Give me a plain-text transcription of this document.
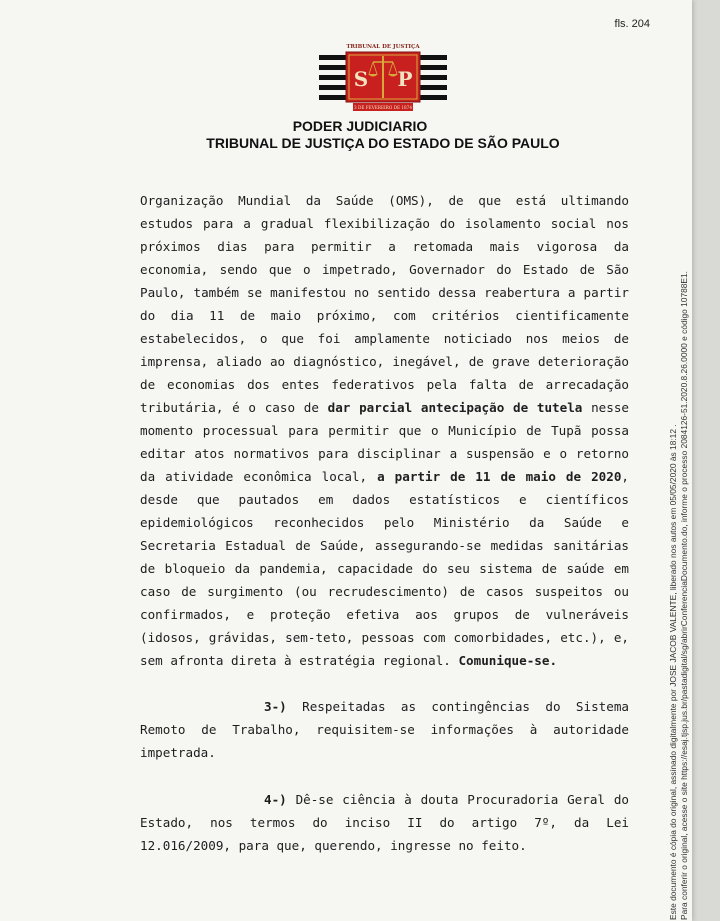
fls. 204
TRIBUNAL DE JUSTIÇA
S P
3 DE FEVEREIRO DE 1874
PODER JUDICIARIO
TRIBUNAL DE JUSTIÇA DO ESTADO DE SÃO PAULO

Organização Mundial da Saúde (OMS), de que está ultimando estudos para a gradual flexibilização do isolamento social nos próximos dias para permitir a retomada mais vigorosa da economia, sendo que o impetrado, Governador do Estado de São Paulo, também se manifestou no sentido dessa reabertura a partir do dia 11 de maio próximo, com critérios cientificamente estabelecidos, o que foi amplamente noticiado nos meios de imprensa, aliado ao diagnóstico, inegável, de grave deterioração de economias dos entes federativos pela falta de arrecadação tributária, é o caso de dar parcial antecipação de tutela nesse momento processual para permitir que o Município de Tupã possa editar atos normativos para disciplinar a suspensão e o retorno da atividade econômica local, a partir de 11 de maio de 2020, desde que pautados em dados estatísticos e científicos epidemiológicos reconhecidos pelo Ministério da Saúde e Secretaria Estadual de Saúde, assegurando-se medidas sanitárias de bloqueio da pandemia, capacidade do seu sistema de saúde em caso de surgimento (ou recrudescimento) de casos suspeitos ou confirmados, e proteção efetiva aos grupos de vulneráveis (idosos, grávidas, sem-teto, pessoas com comorbidades, etc.), e, sem afronta direta à estratégia regional. Comunique-se.

3-) Respeitadas as contingências do Sistema Remoto de Trabalho, requisitem-se informações à autoridade impetrada.

4-) Dê-se ciência à douta Procuradoria Geral do Estado, nos termos do inciso II do artigo 7º, da Lei 12.016/2009, para que, querendo, ingresse no feito.	Este documento é cópia do original, assinado digitalmente por JOSE JACOB VALENTE, liberado nos autos em 05/05/2020 às 18:12 . Para conferir o original, acesse o site https://esaj.tjsp.jus.br/pastadigital/sg/abrirConferenciaDocumento.do, informe o processo 2084126-51.2020.8.26.0000 e código 10788E1.
